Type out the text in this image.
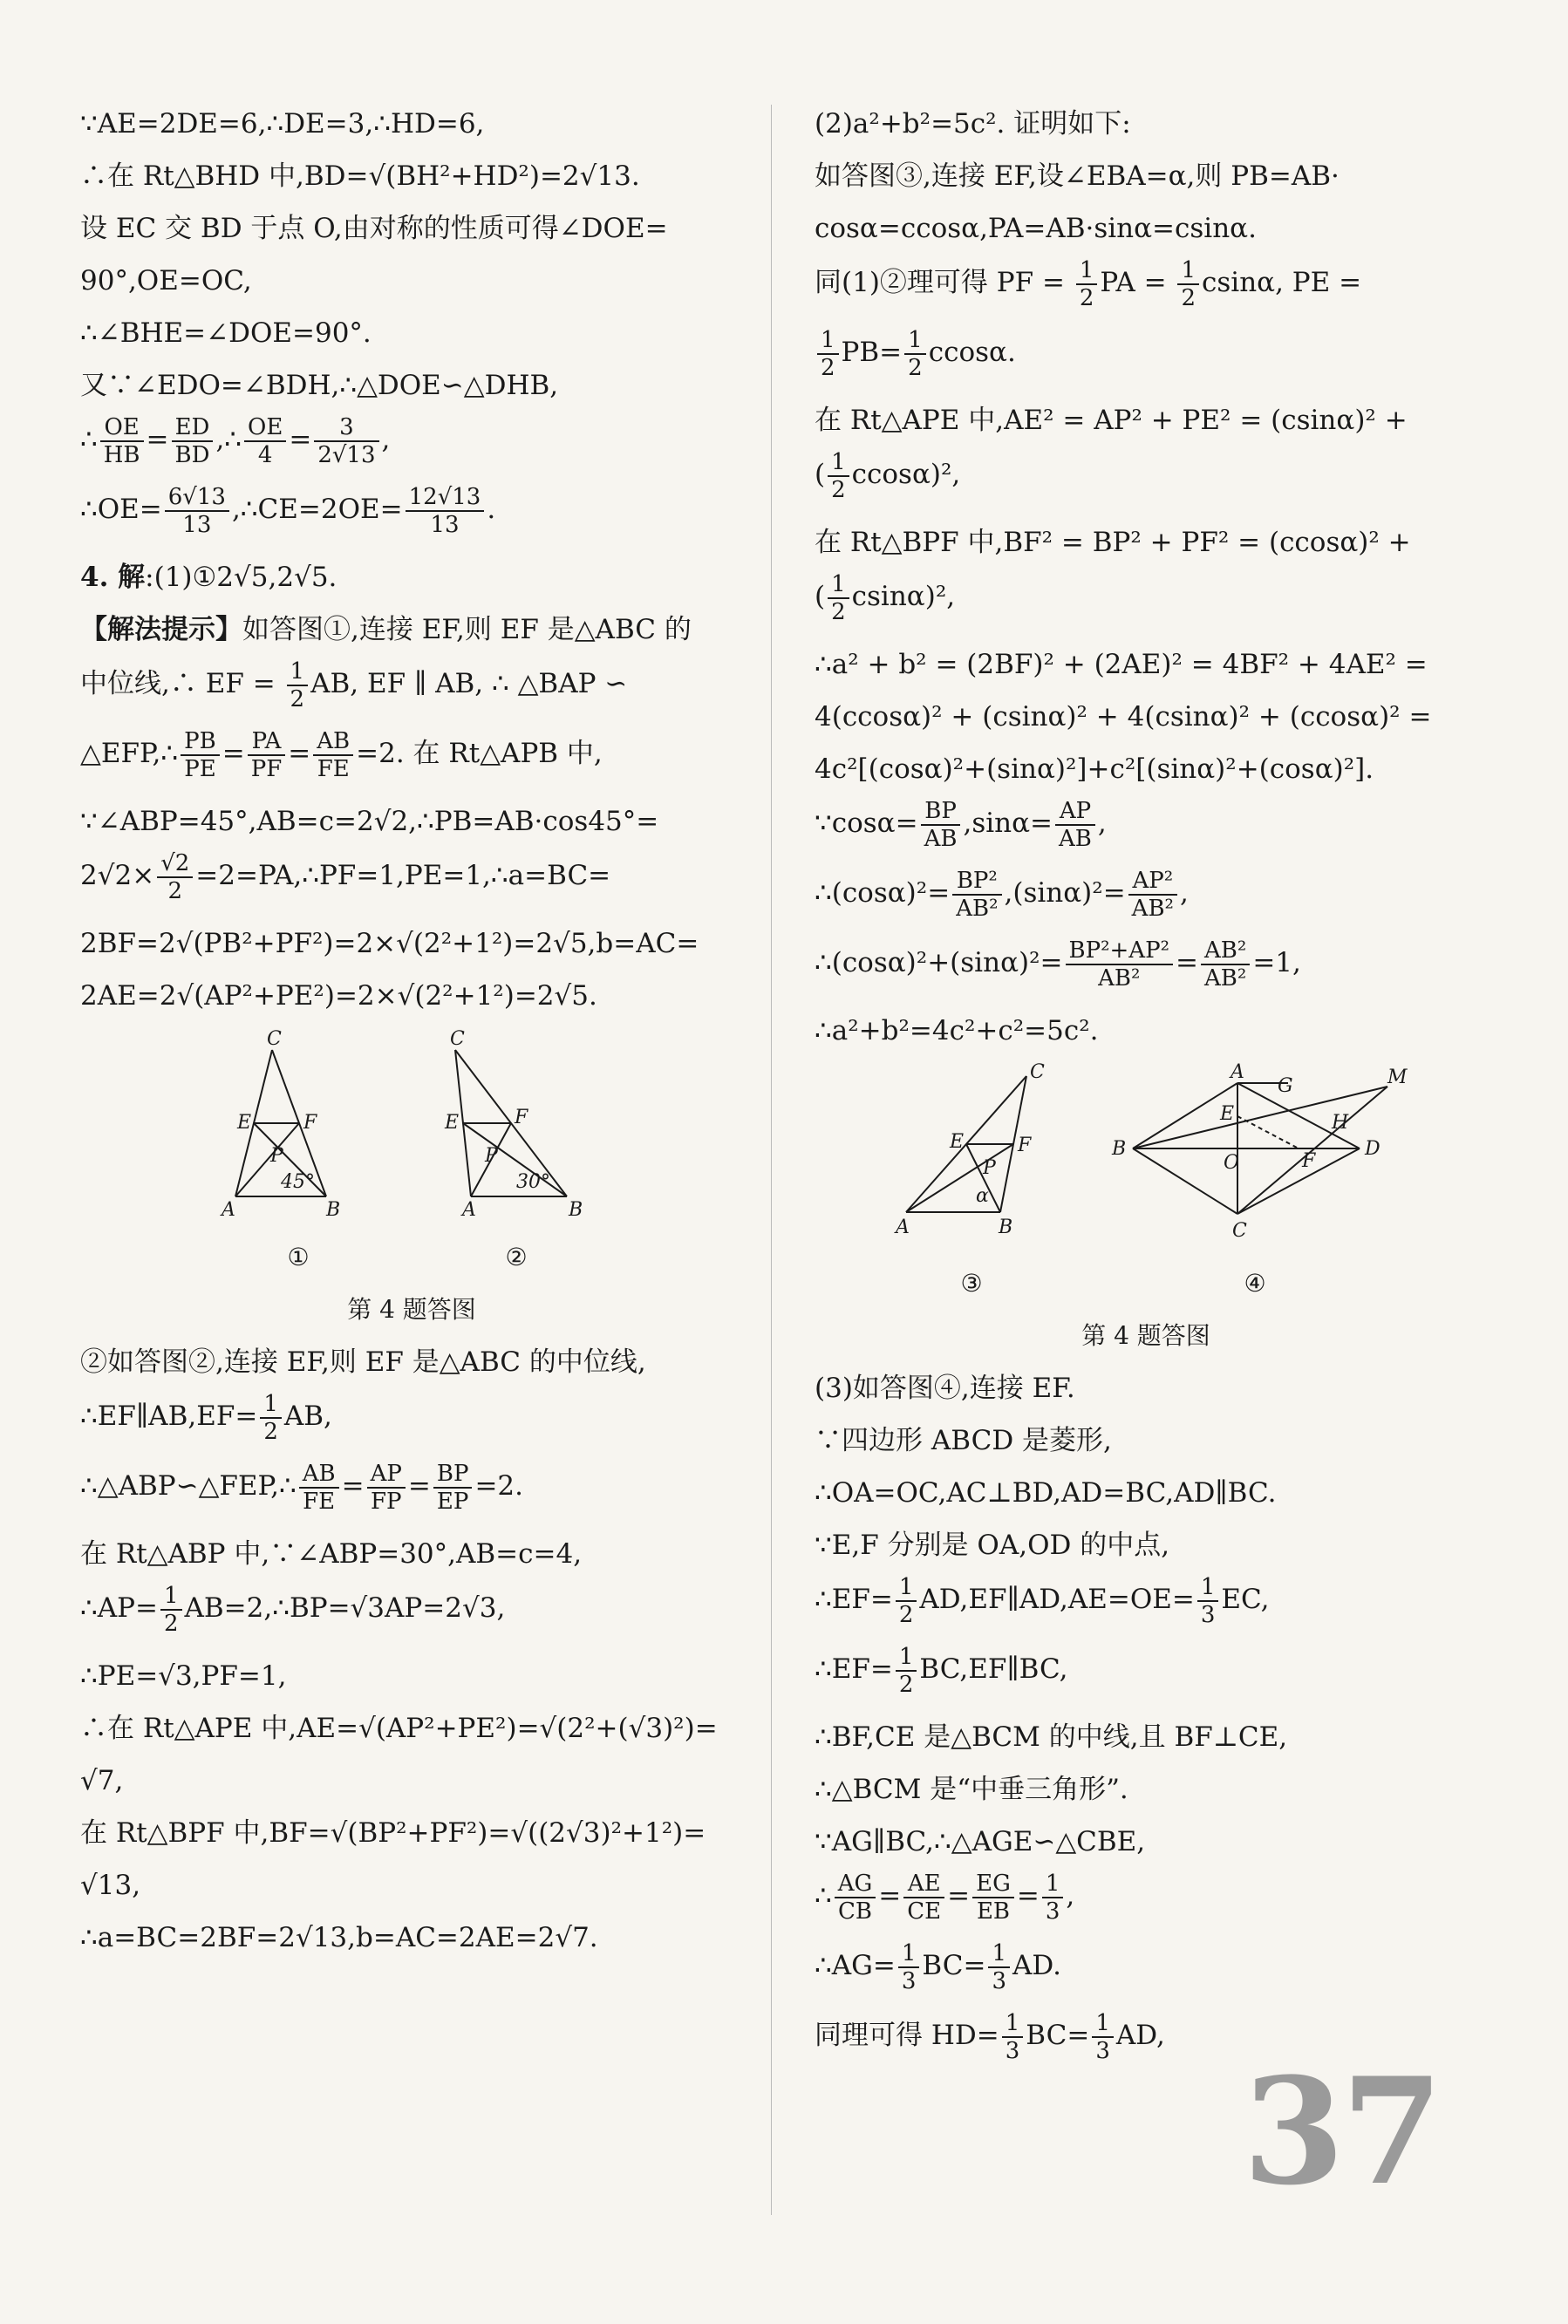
∵AE=2DE=6,∴DE=3,∴HD=6,
∴在 Rt△BHD 中,BD=√(BH²+HD²)=2√13.
设 EC 交 BD 于点 O,由对称的性质可得∠DOE=
90°,OE=OC,
∴∠BHE=∠DOE=90°.
又∵∠EDO=∠BDH,∴△DOE∽△DHB,
∴ $\frac{OE}{HB} = \frac{ED}{BD}$ ,∴ $\frac{OE}{4} = \frac{3}{2√13}$ ,
∴OE= $\frac{6√13}{13}$ ,∴CE=2OE= $\frac{12√13}{13}$ .
4. 解:(1)①2√5,2√5.
【解法提示】如答图①,连接 EF,则 EF 是△ABC 的
中位线,∴ EF = $\frac{1}{2}$ AB, EF ∥ AB, ∴ △BAP ∽
△EFP,∴ $\frac{PB}{PE} = \frac{PA}{PF} = \frac{AB}{FE} =2$. 在 Rt△APB 中,
∵∠ABP=45°,AB=c=2√2,∴PB=AB·cos45°=
$2√2\times \frac{√2}{2}$ =2=PA,∴PF=1,PE=1,∴a=BC=
2BF=2√(PB²+PF²)=2×√(2²+1²)=2√5,b=AC=
2AE=2√(AP²+PE²)=2×√(2²+1²)=2√5.
C
E	F
P
45°
A	B
①
C
E	F
P
30°
A	B
②
第 4 题答图
②如答图②,连接 EF,则 EF 是△ABC 的中位线,
∴EF∥AB,EF= $\frac{1}{2}$ AB,
∴△ABP∽△FEP,∴ $\frac{AB}{FE} = \frac{AP}{FP} = \frac{BP}{EP} =2$.
在 Rt△ABP 中,∵∠ABP=30°,AB=c=4,
∴AP= $\frac{1}{2}$ AB=2,∴BP=√3AP=2√3,
∴PE=√3,PF=1,
∴在 Rt△APE 中,AE=√(AP²+PE²)=√(2²+(√3)²)=
√7,
在 Rt△BPF 中,BF=√(BP²+PF²)=√((2√3)²+1²)=
√13,
∴a=BC=2BF=2√13,b=AC=2AE=2√7.
(2)a²+b²=5c². 证明如下:
如答图③,连接 EF,设∠EBA=α,则 PB=AB·
cosα=ccosα,PA=AB·sinα=csinα.
同(1)②理可得 PF = $\frac{1}{2}$ PA = $\frac{1}{2} csin\alpha$, PE =
$\frac{1}{2} PB= \frac{1}{2} ccos\alpha$.
在 Rt△APE 中,AE² = AP² + PE² = (csinα)² +
( $\frac{1}{2} ccos\alpha)^2$,
在 Rt△BPF 中,BF² = BP² + PF² = (ccosα)² +
( $\frac{1}{2} csin\alpha)^2$,
∴a² + b² = (2BF)² + (2AE)² = 4BF² + 4AE² =
4(ccosα)² + (csinα)² + 4(csinα)² + (ccosα)² =
4c²[(cosα)²+(sinα)²]+c²[(sinα)²+(cosα)²].
∵cosα= $\frac{BP}{AB} ,\sin\alpha= \frac{AP}{AB}$ ,
∴(cosα)²= $\frac{\text{BP²}}{\text{AB²}} ,(\sin\alpha)^2= \frac{\text{AP²}}{\text{AB²}}$ ,
∴(cosα)²+(sinα)²= $\frac{\text{BP²+AP²}}{\text{AB²}} = \frac{\text{AB²}}{\text{AB²}} =1$,
∴a²+b²=4c²+c²=5c².
C
E	F
P
α
A	B
③
A
G	M
E	H
B
O	F
D
C
④
第 4 题答图
(3)如答图④,连接 EF.
∵四边形 ABCD 是菱形,
∴OA=OC,AC⊥BD,AD=BC,AD∥BC.
∵E,F 分别是 OA,OD 的中点,
∴EF= $\frac{1}{2}$ AD,EF∥AD,AE=OE= $\frac{1}{3}$ EC,
∴EF= $\frac{1}{2}$ BC,EF∥BC,
∴BF,CE 是△BCM 的中线,且 BF⊥CE,
∴△BCM 是“中垂三角形”.
∵AG∥BC,∴△AGE∽△CBE,
∴ $\frac{AG}{CB} = \frac{AE}{CE} = \frac{EG}{EB} = \frac{1}{3}$ ,
∴AG= $\frac{1}{3} BC= \frac{1}{3}$ AD.
同理可得 $HD= \frac{1}{3} BC= \frac{1}{3}$ AD,
37
